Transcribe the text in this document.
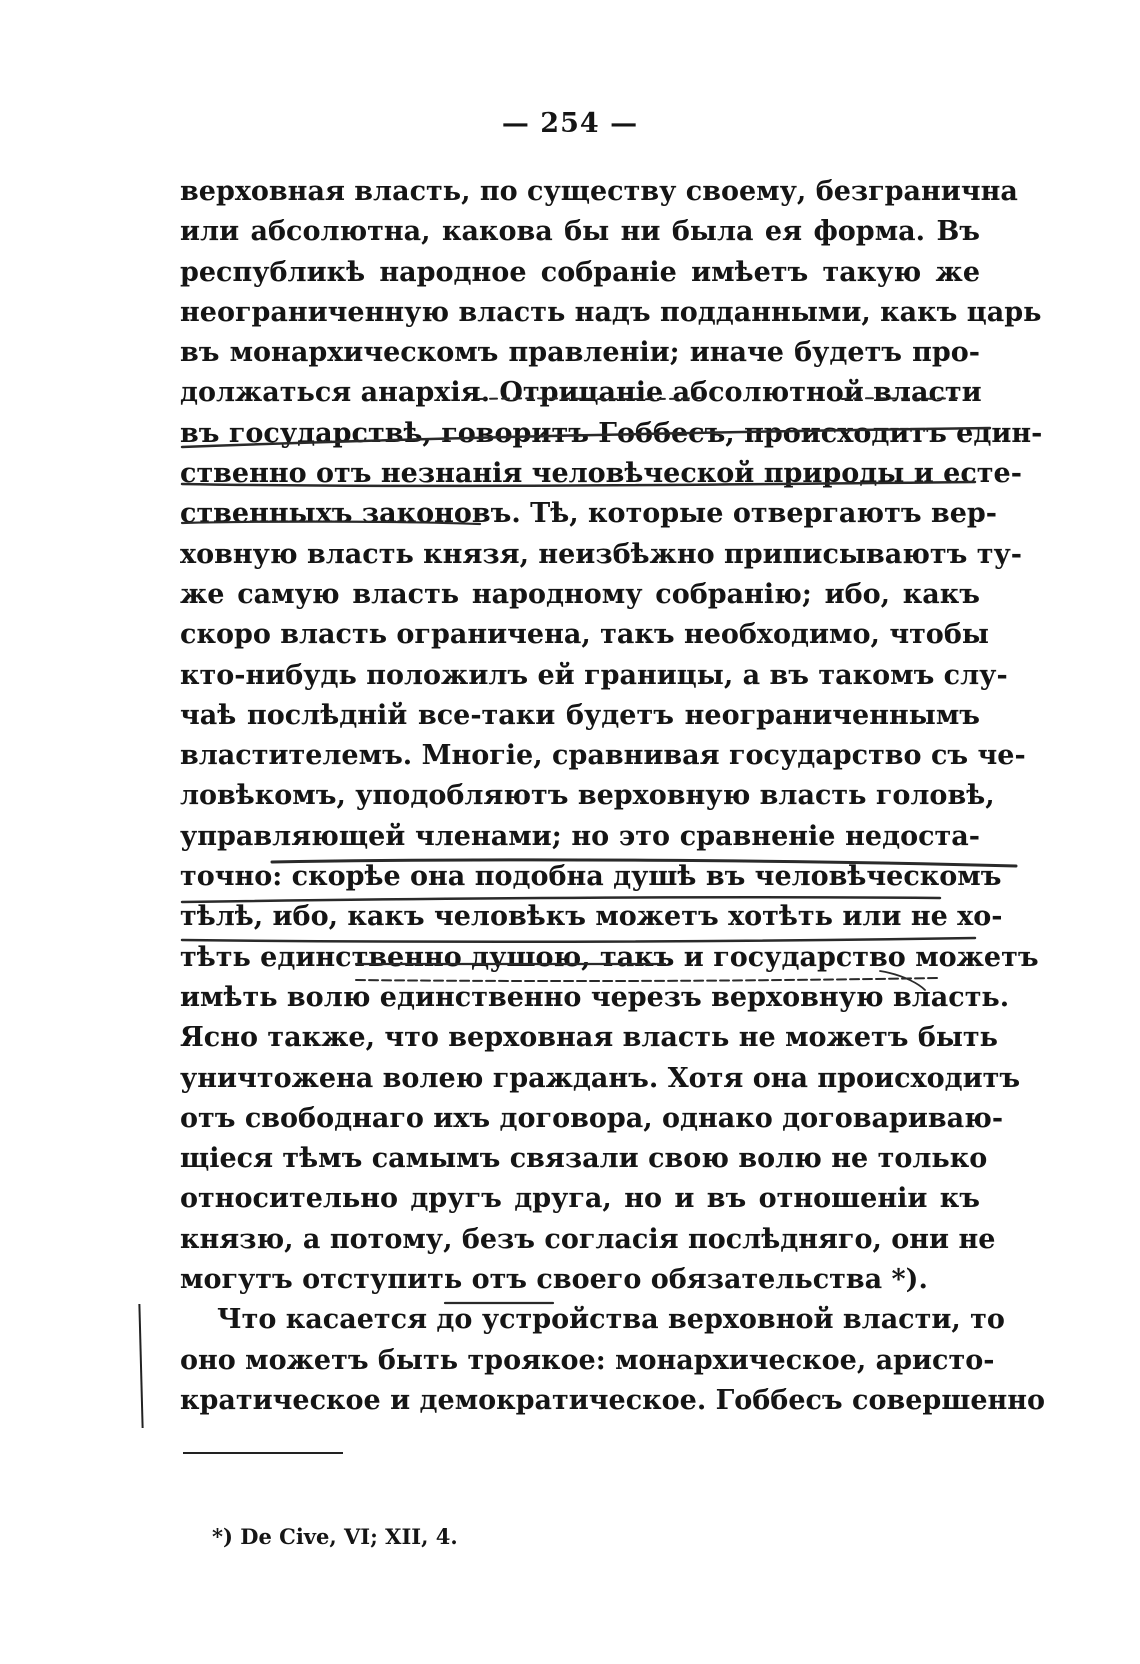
— 254 —
верховная власть, по существу своему, безгранична
или абсолютна, какова бы ни была ея форма. Въ
республикѣ народное собраніе имѣетъ такую же
неограниченную власть надъ подданными, какъ царь
въ монархическомъ правленіи; иначе будетъ про-
должаться анархія. Отрицаніе абсолютной власти
въ государствѣ, говоритъ Гоббесъ, происходитъ един-
ственно отъ незнанія человѣческой природы и есте-
ственныхъ законовъ. Тѣ, которые отвергаютъ вер-
ховную власть князя, неизбѣжно приписываютъ ту-
же самую власть народному собранію; ибо, какъ
скоро власть ограничена, такъ необходимо, чтобы
кто-нибудь положилъ ей границы, а въ такомъ слу-
чаѣ послѣдній все-таки будетъ неограниченнымъ
властителемъ. Многіе, сравнивая государство съ че-
ловѣкомъ, уподобляютъ верховную власть головѣ,
управляющей членами; но это сравненіе недоста-
точно: скорѣе она подобна душѣ въ человѣческомъ
тѣлѣ, ибо, какъ человѣкъ можетъ хотѣть или не хо-
тѣть единственно душою, такъ и государство можетъ
имѣть волю единственно черезъ верховную власть.
Ясно также, что верховная власть не можетъ быть
уничтожена волею гражданъ. Хотя она происходитъ
отъ свободнаго ихъ договора, однако договариваю-
щіеся тѣмъ самымъ связали свою волю не только
относительно другъ друга, но и въ отношеніи къ
князю, а потому, безъ согласія послѣдняго, они не
могутъ отступить отъ своего обязательства *).
Что касается до устройства верховной власти, то
оно можетъ быть троякое: монархическое, аристо-
кратическое и демократическое. Гоббесъ совершенно
*) De Cive, VI; XII, 4.
